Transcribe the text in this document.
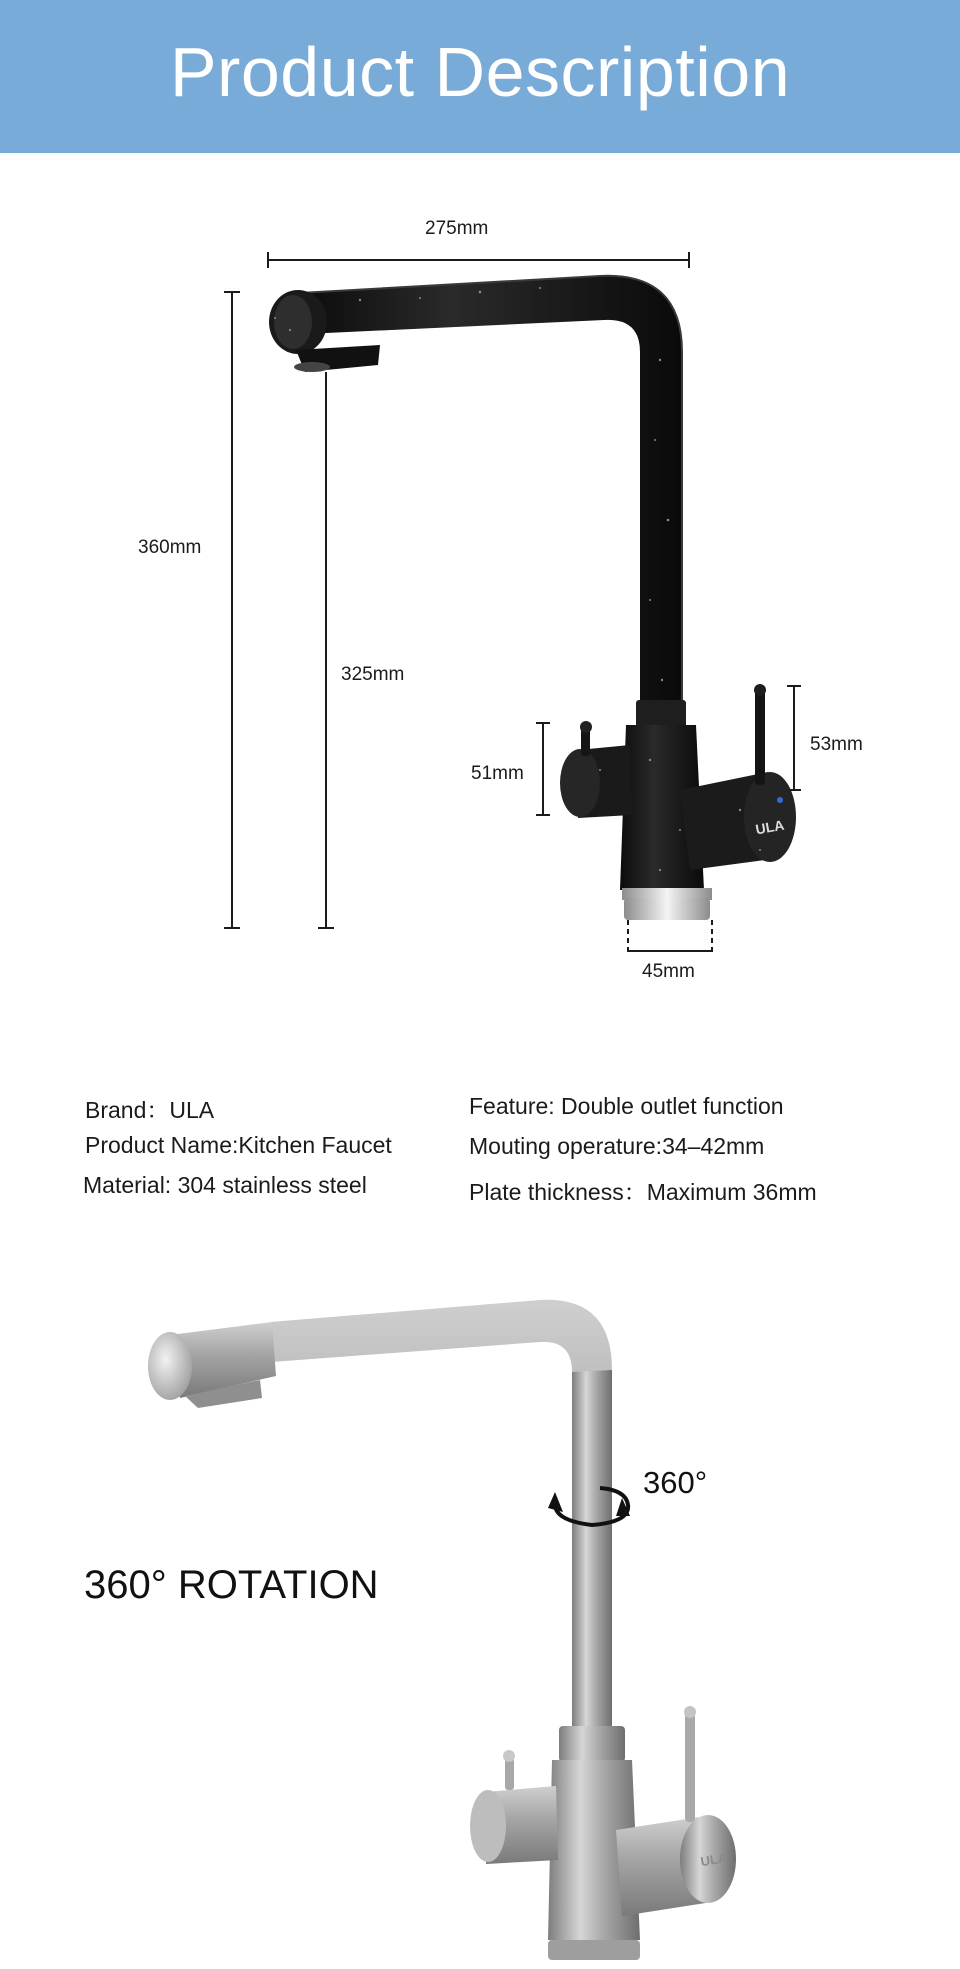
Product Description
ULA
ULA
275mm
360mm
325mm
51mm
53mm
45mm
Brand：ULA
Product Name:Kitchen Faucet
Material: 304 stainless steel
Feature: Double outlet function
Mouting operature:34–42mm
Plate thickness：Maximum 36mm
360° ROTATION
360°
